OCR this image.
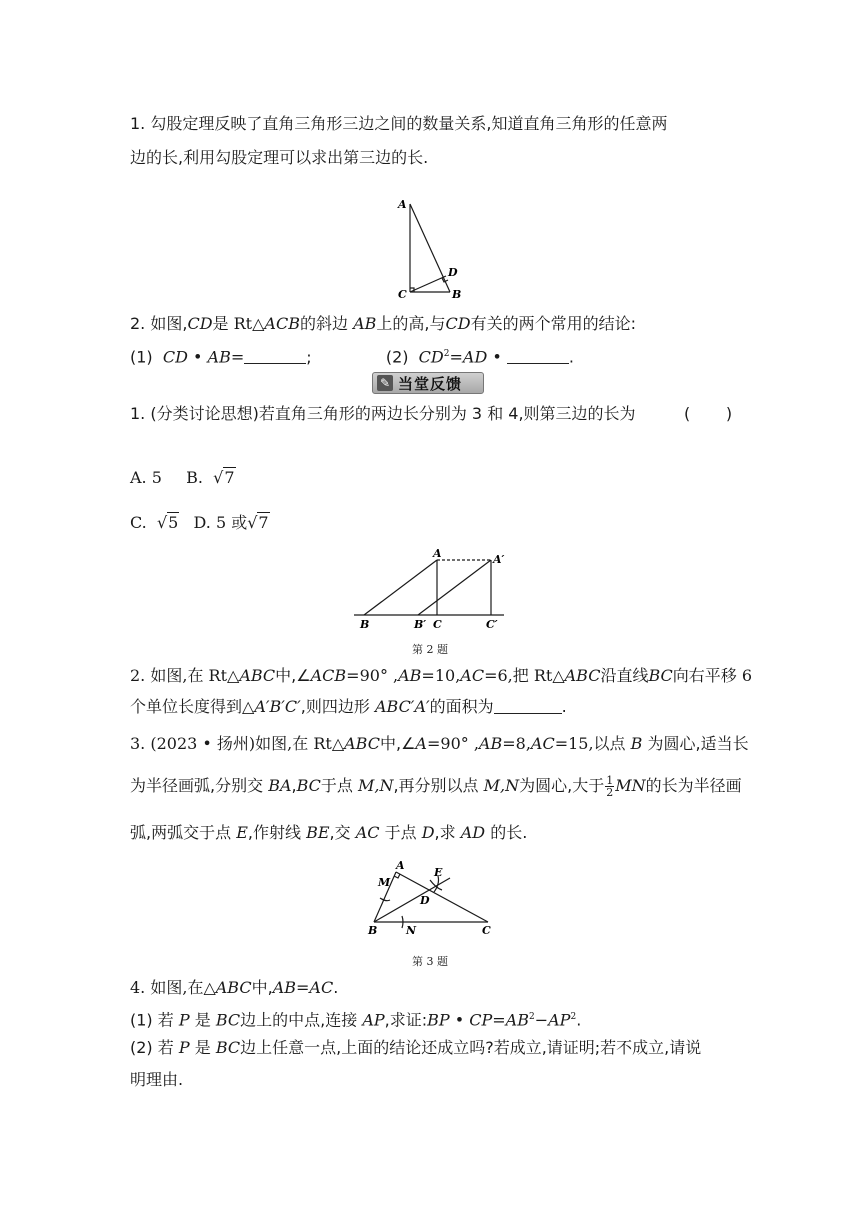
1. 勾股定理反映了直角三角形三边之间的数量关系,知道直角三角形的任意两
边的长,利用勾股定理可以求出第三边的长.
A
D
C	B
2. 如图,CD是 Rt△ACB的斜边 AB上的高,与CD有关的两个常用的结论:
(1) CD • AB=	;	(2) $CD^2=AD$ •	.
✎ 当堂反馈
1. (分类讨论思想)若直角三角形的两边长分别为 3 和 4,则第三边的长为	(       )
A. 5 B. √7
C. √5 D. 5 或√7
A	A′
B	B′ C	C′
第 2 题
2. 如图,在 Rt△ABC中,∠ACB=90° ,AB=10,AC=6,把 Rt△ABC沿直线BC向右平移 6
个单位长度得到△A′B′C′,则四边形 ABC′A′的面积为	.
3. (2023 • 扬州)如图,在 Rt△ABC中,∠A=90° ,AB=8,AC=15,以点 B 为圆心,适当长
为半径画弧,分别交 BA,BC于点 M,N,再分别以点 M,N为圆心,大于 $\frac{1}{2}$ MN的长为半径画
弧,两弧交于点 E,作射线 BE,交 AC 于点 D,求 AD 的长.
A
E
M
D
B	N	C
第 3 题
4. 如图,在△ABC中,AB=AC.
(1) 若 P 是 BC边上的中点,连接 AP,求证:BP • $CP=AB^2-AP^2$.
(2) 若 P 是 BC边上任意一点,上面的结论还成立吗?若成立,请证明;若不成立,请说
明理由.
